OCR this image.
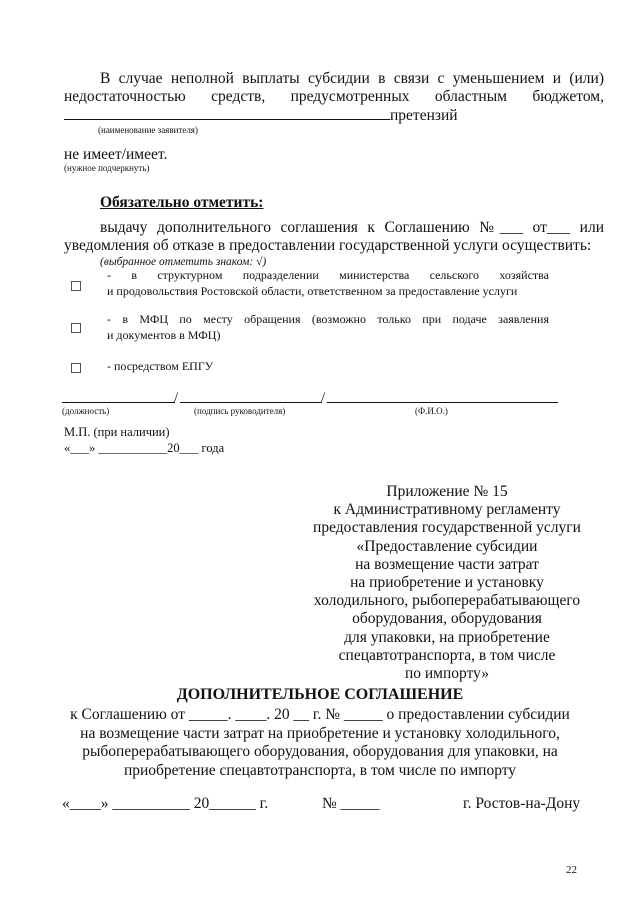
В случае неполной выплаты субсидии в связи с уменьшением и (или)
недостаточностью средств, предусмотренных областным бюджетом,
претензий
(наименование заявителя)
не имеет/имеет.
(нужное подчеркнуть)
Обязательно отметить:
выдачу дополнительного соглашения к Соглашению №___ от___ или
уведомления об отказе в предоставлении государственной услуги осуществить:
(выбранное отметить знаком: √)
- в структурном подразделении министерства сельского хозяйства
и продовольствия Ростовской области, ответственном за предоставление услуги
- в МФЦ по месту обращения (возможно только при подаче заявления
и документов в МФЦ)
- посредством ЕПГУ
/	/
(должность)	(подпись руководителя)	(Ф.И.О.)
М.П. (при наличии)
«___» ___________20___ года
Приложение № 15
к Административному регламенту
предоставления государственной услуги
«Предоставление субсидии
на возмещение части затрат
на приобретение и установку
холодильного, рыбоперерабатывающего
оборудования, оборудования
для упаковки, на приобретение
спецавтотранспорта, в том числе
по импорту»
ДОПОЛНИТЕЛЬНОЕ СОГЛАШЕНИЕ
к Соглашению от _____. ____. 20 __ г. № _____ о предоставлении субсидии
на возмещение части затрат на приобретение и установку холодильного,
рыбоперерабатывающего оборудования, оборудования для упаковки, на
приобретение спецавтотранспорта, в том числе по импорту
«____» __________ 20______ г.	№ _____	г. Ростов-на-Дону
22
